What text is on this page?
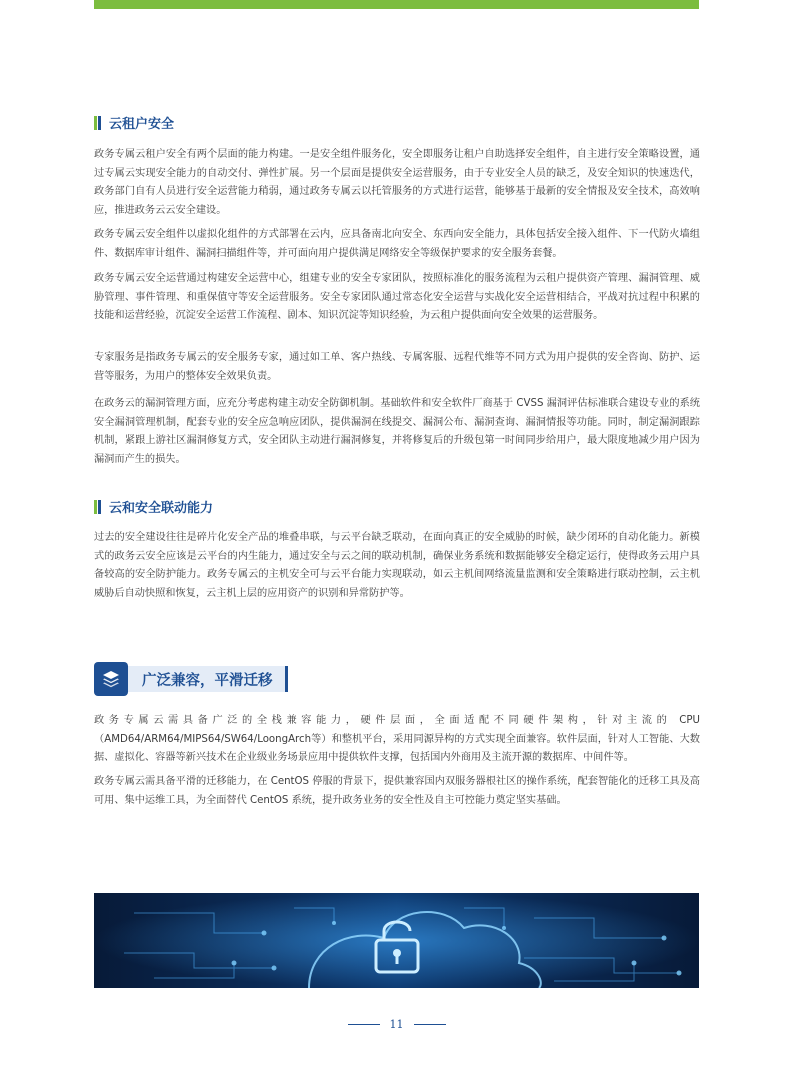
云租户安全

政务专属云租户安全有两个层面的能力构建。一是安全组件服务化，安全即服务让租户自助选择安全组件，自主进行安全策略设置，通过专属云实现安全能力的自动交付、弹性扩展。另一个层面是提供安全运营服务，由于专业安全人员的缺乏，及安全知识的快速迭代，政务部门自有人员进行安全运营能力稍弱，通过政务专属云以托管服务的方式进行运营，能够基于最新的安全情报及安全技术，高效响应，推进政务云云安全建设。

政务专属云安全组件以虚拟化组件的方式部署在云内，应具备南北向安全、东西向安全能力，具体包括安全接入组件、下一代防火墙组件、数据库审计组件、漏洞扫描组件等，并可面向用户提供满足网络安全等级保护要求的安全服务套餐。

政务专属云安全运营通过构建安全运营中心，组建专业的安全专家团队，按照标准化的服务流程为云租户提供资产管理、漏洞管理、威胁管理、事件管理、和重保值守等安全运营服务。安全专家团队通过常态化安全运营与实战化安全运营相结合，平战对抗过程中积累的技能和运营经验，沉淀安全运营工作流程、剧本、知识沉淀等知识经验，为云租户提供面向安全效果的运营服务。

专家服务是指政务专属云的安全服务专家，通过如工单、客户热线、专属客服、远程代维等不同方式为用户提供的安全咨询、防护、运营等服务，为用户的整体安全效果负责。

在政务云的漏洞管理方面，应充分考虑构建主动安全防御机制。基础软件和安全软件厂商基于 CVSS 漏洞评估标准联合建设专业的系统安全漏洞管理机制，配套专业的安全应急响应团队，提供漏洞在线提交、漏洞公布、漏洞查询、漏洞情报等功能。同时，制定漏洞跟踪机制，紧跟上游社区漏洞修复方式，安全团队主动进行漏洞修复，并将修复后的升级包第一时间同步给用户，最大限度地减少用户因为漏洞而产生的损失。

云和安全联动能力

过去的安全建设往往是碎片化安全产品的堆叠串联，与云平台缺乏联动，在面向真正的安全威胁的时候，缺少闭环的自动化能力。新模式的政务云安全应该是云平台的内生能力，通过安全与云之间的联动机制，确保业务系统和数据能够安全稳定运行，使得政务云用户具备较高的安全防护能力。政务专属云的主机安全可与云平台能力实现联动，如云主机间网络流量监测和安全策略进行联动控制，云主机威胁后自动快照和恢复，云主机上层的应用资产的识别和异常防护等。

广泛兼容，平滑迁移

政务专属云需具备广泛的全栈兼容能力，硬件层面，全面适配不同硬件架构，针对主流的 CPU（AMD64/ARM64/MIPS64/SW64/LoongArch等）和整机平台，采用同源异构的方式实现全面兼容。软件层面，针对人工智能、大数据、虚拟化、容器等新兴技术在企业级业务场景应用中提供软件支撑，包括国内外商用及主流开源的数据库、中间件等。

政务专属云需具备平滑的迁移能力，在 CentOS 停服的背景下，提供兼容国内双服务器根社区的操作系统，配套智能化的迁移工具及高可用、集中运维工具，为全面替代 CentOS 系统，提升政务业务的安全性及自主可控能力奠定坚实基础。

11
